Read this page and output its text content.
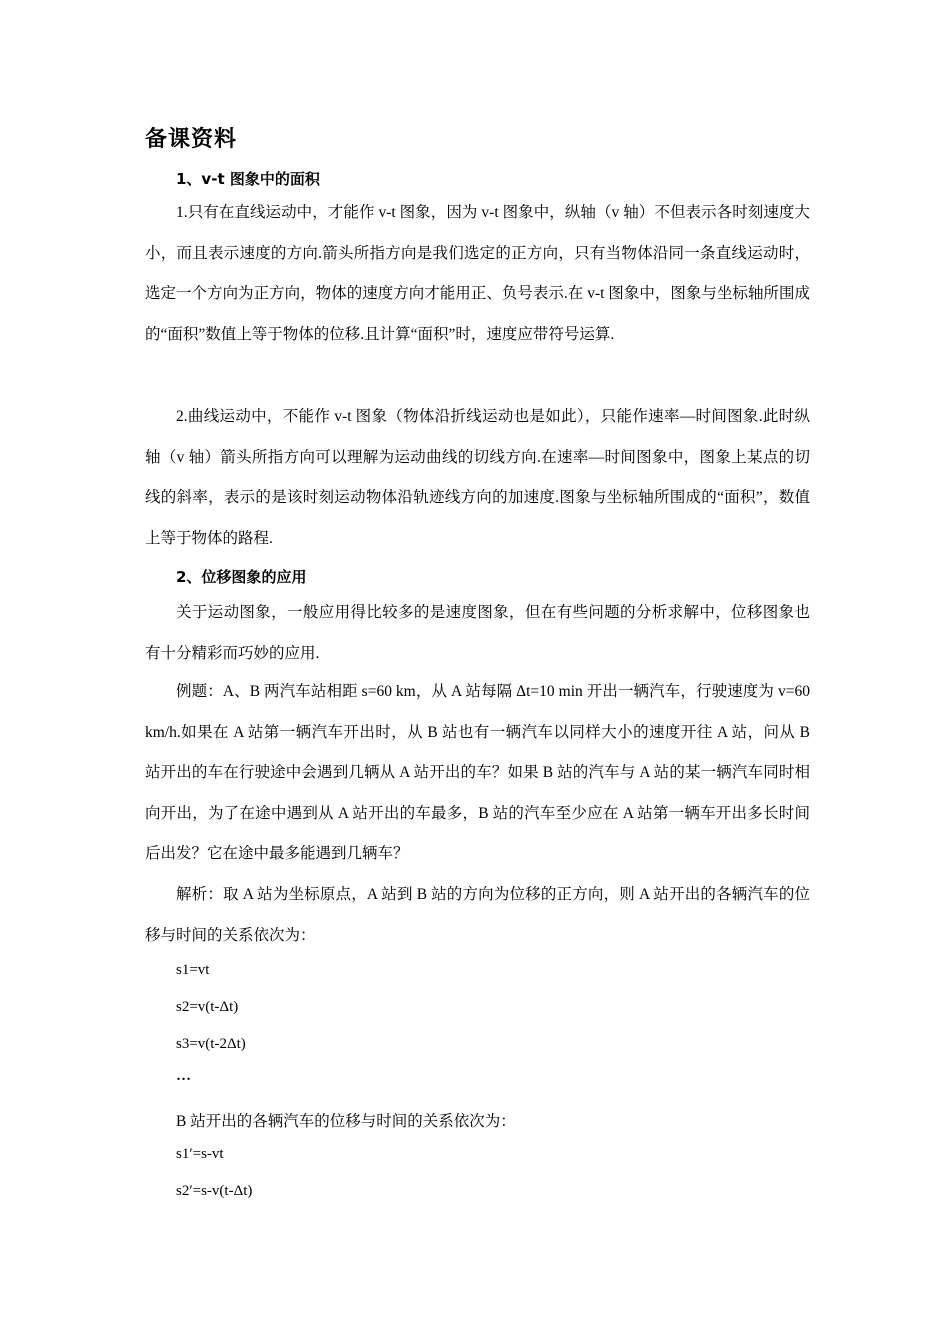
备课资料
1、v-t 图象中的面积

1.只有在直线运动中，才能作 v-t 图象，因为 v-t 图象中，纵轴（v 轴）不但表示各时刻速度大小，而且表示速度的方向.箭头所指方向是我们选定的正方向，只有当物体沿同一条直线运动时，选定一个方向为正方向，物体的速度方向才能用正、负号表示.在 v-t 图象中，图象与坐标轴所围成的“面积”数值上等于物体的位移.且计算“面积”时，速度应带符号运算.

2.曲线运动中，不能作 v-t 图象（物体沿折线运动也是如此），只能作速率—时间图象.此时纵轴（v 轴）箭头所指方向可以理解为运动曲线的切线方向.在速率—时间图象中，图象上某点的切线的斜率，表示的是该时刻运动物体沿轨迹线方向的加速度.图象与坐标轴所围成的“面积”，数值上等于物体的路程.

2、位移图象的应用

关于运动图象，一般应用得比较多的是速度图象，但在有些问题的分析求解中，位移图象也有十分精彩而巧妙的应用.

例题：A、B 两汽车站相距 s=60 km，从 A 站每隔 Δt=10 min 开出一辆汽车，行驶速度为 v=60 km/h.如果在 A 站第一辆汽车开出时，从 B 站也有一辆汽车以同样大小的速度开往 A 站，问从 B 站开出的车在行驶途中会遇到几辆从 A 站开出的车？如果 B 站的汽车与 A 站的某一辆汽车同时相向开出，为了在途中遇到从 A 站开出的车最多，B 站的汽车至少应在 A 站第一辆车开出多长时间后出发？它在途中最多能遇到几辆车？

解析：取 A 站为坐标原点，A 站到 B 站的方向为位移的正方向，则 A 站开出的各辆汽车的位移与时间的关系依次为：

s1=vt
s2=v(t-Δt)
s3=v(t-2Δt)
…

B 站开出的各辆汽车的位移与时间的关系依次为：

s1′=s-vt
s2′=s-v(t-Δt)
